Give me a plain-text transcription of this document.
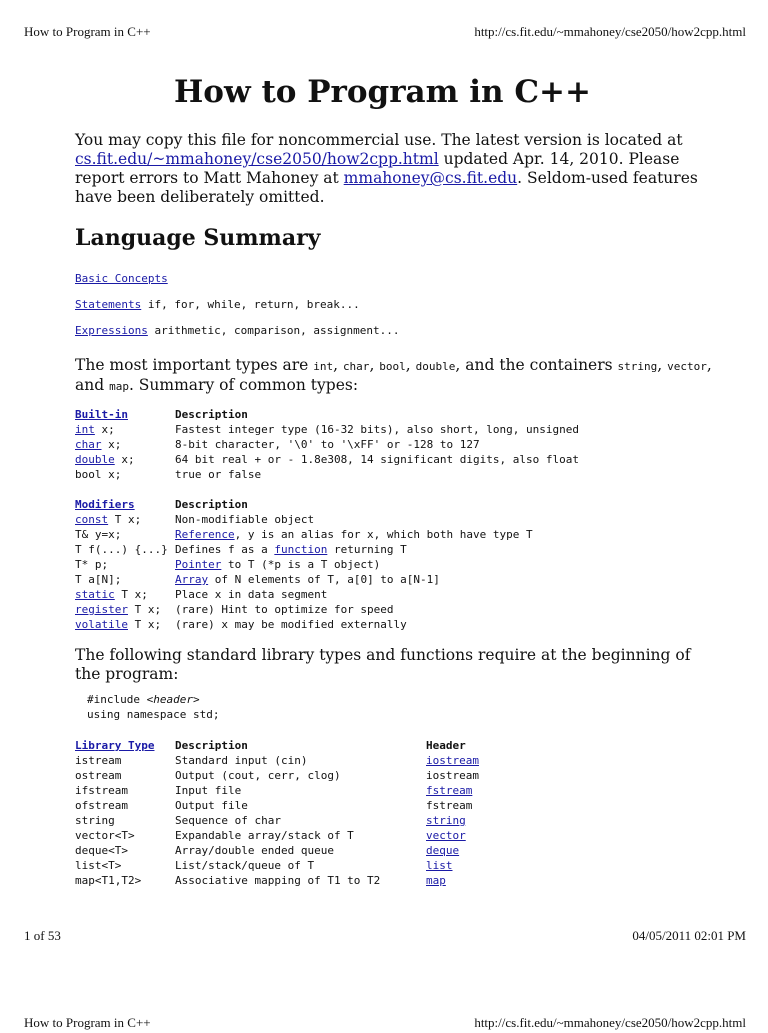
How to Program in C++	http://cs.fit.edu/~mmahoney/cse2050/how2cpp.html
How to Program in C++

You may copy this file for noncommercial use. The latest version is located at cs.fit.edu/~mmahoney/cse2050/how2cpp.html updated Apr. 14, 2010. Please report errors to Matt Mahoney at mmahoney@cs.fit.edu. Seldom-used features have been deliberately omitted.

Language Summary
Basic Concepts
Statements if, for, while, return, break...
Expressions arithmetic, comparison, assignment...

The most important types are int, char, bool, double, and the containers string, vector, and map. Summary of common types:

Built-in	Description
int x;	Fastest integer type (16-32 bits), also short, long, unsigned
char x;	8-bit character, '\0' to '\xFF' or -128 to 127
double x;	64 bit real + or - 1.8e308, 14 significant digits, also float
bool x;	true or false
Modifiers	Description
const T x;	Non-modifiable object
T& y=x;	Reference, y is an alias for x, which both have type T
T f(...) {...}	Defines f as a function returning T
T* p;	Pointer to T (*p is a T object)
T a[N];	Array of N elements of T, a[0] to a[N-1]
static T x;	Place x in data segment
register T x;	(rare) Hint to optimize for speed
volatile T x;	(rare) x may be modified externally

The following standard library types and functions require at the beginning of the program:

#include <header>
using namespace std;
Library Type	Description	Header
istream	Standard input (cin)	iostream
ostream	Output (cout, cerr, clog)	iostream
ifstream	Input file	fstream
ofstream	Output file	fstream
string	Sequence of char	string
vector<T>	Expandable array/stack of T	vector
deque<T>	Array/double ended queue	deque
list<T>	List/stack/queue of T	list
map<T1,T2>	Associative mapping of T1 to T2	map
1 of 53	04/05/2011 02:01 PM
How to Program in C++	http://cs.fit.edu/~mmahoney/cse2050/how2cpp.html
